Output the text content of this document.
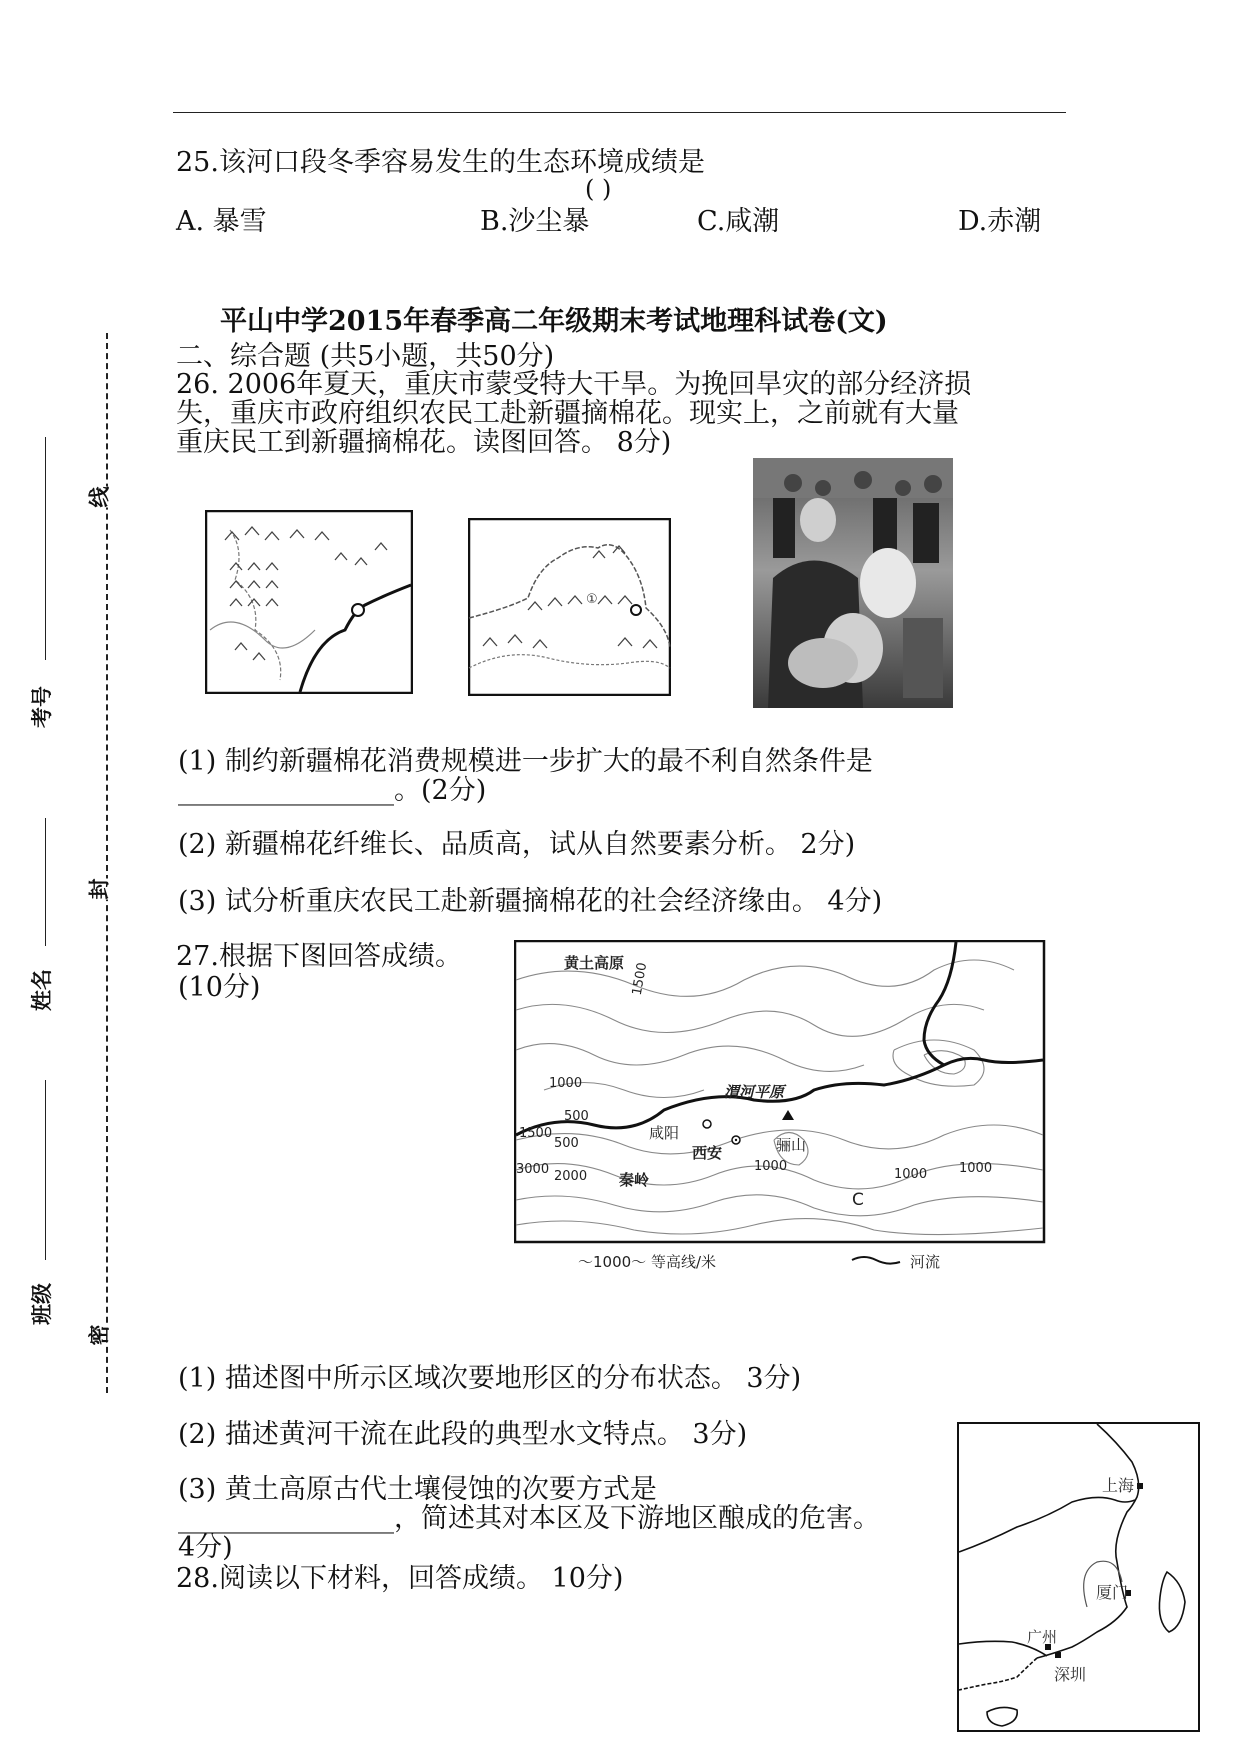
25.该河口段冬季容易发生的生态环境成绩是
( )
A. 暴雪	B.沙尘暴	C.咸潮	D.赤潮
平山中学2015年春季高二年级期末考试地理科试卷(文)
二、综合题 (共5小题，共50分)
26. 2006年夏天，重庆市蒙受特大干旱。为挽回旱灾的部分经济损
失，重庆市政府组织农民工赴新疆摘棉花。现实上，之前就有大量
重庆民工到新疆摘棉花。读图回答。 8分)
①
(1) 制约新疆棉花消费规模进一步扩大的最不利自然条件是
________________。(2分)
(2) 新疆棉花纤维长、品质高，试从自然要素分析。 2分)
(3) 试分析重庆农民工赴新疆摘棉花的社会经济缘由。 4分)
27.根据下图回答成绩。
(10分)
黄土高原 1500
1000	渭河平原
500
咸阳
1500
500
西安	骊山
3000 2000 秦岭
1000	1000
1000
C
～1000～ 等高线/米	河流
(1) 描述图中所示区域次要地形区的分布状态。 3分)
(2) 描述黄河干流在此段的典型水文特点。 3分)
(3) 黄土高原古代土壤侵蚀的次要方式是
________________，简述其对本区及下游地区酿成的危害。
4分)
28.阅读以下材料，回答成绩。 10分)
上海
厦门
广州
深圳
线
封
密
考号
姓名
班级
